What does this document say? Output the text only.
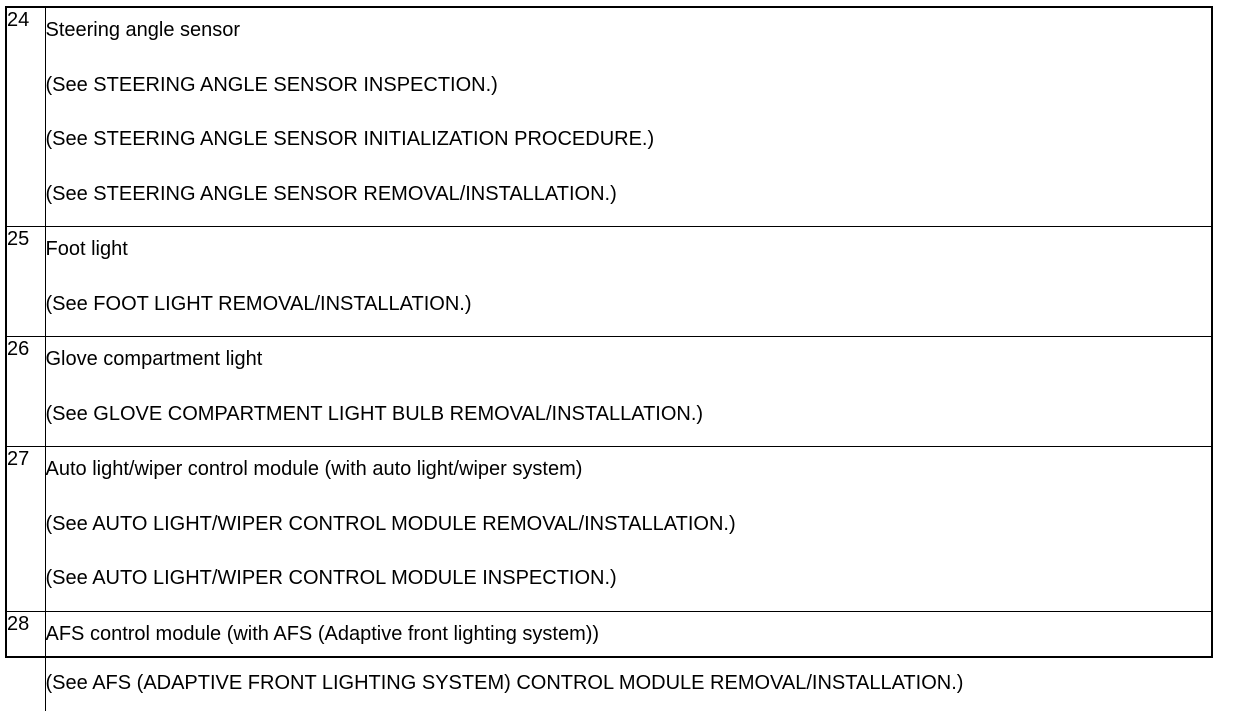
24	Steering angle sensor
(See STEERING ANGLE SENSOR INSPECTION.)
(See STEERING ANGLE SENSOR INITIALIZATION PROCEDURE.)
(See STEERING ANGLE SENSOR REMOVAL/INSTALLATION.)

25	Foot light
(See FOOT LIGHT REMOVAL/INSTALLATION.)

26	Glove compartment light
(See GLOVE COMPARTMENT LIGHT BULB REMOVAL/INSTALLATION.)

27	Auto light/wiper control module (with auto light/wiper system)
(See AUTO LIGHT/WIPER CONTROL MODULE REMOVAL/INSTALLATION.)
(See AUTO LIGHT/WIPER CONTROL MODULE INSPECTION.)

28	AFS control module (with AFS (Adaptive front lighting system))
(See AFS (ADAPTIVE FRONT LIGHTING SYSTEM) CONTROL MODULE REMOVAL/INSTALLATION.)
